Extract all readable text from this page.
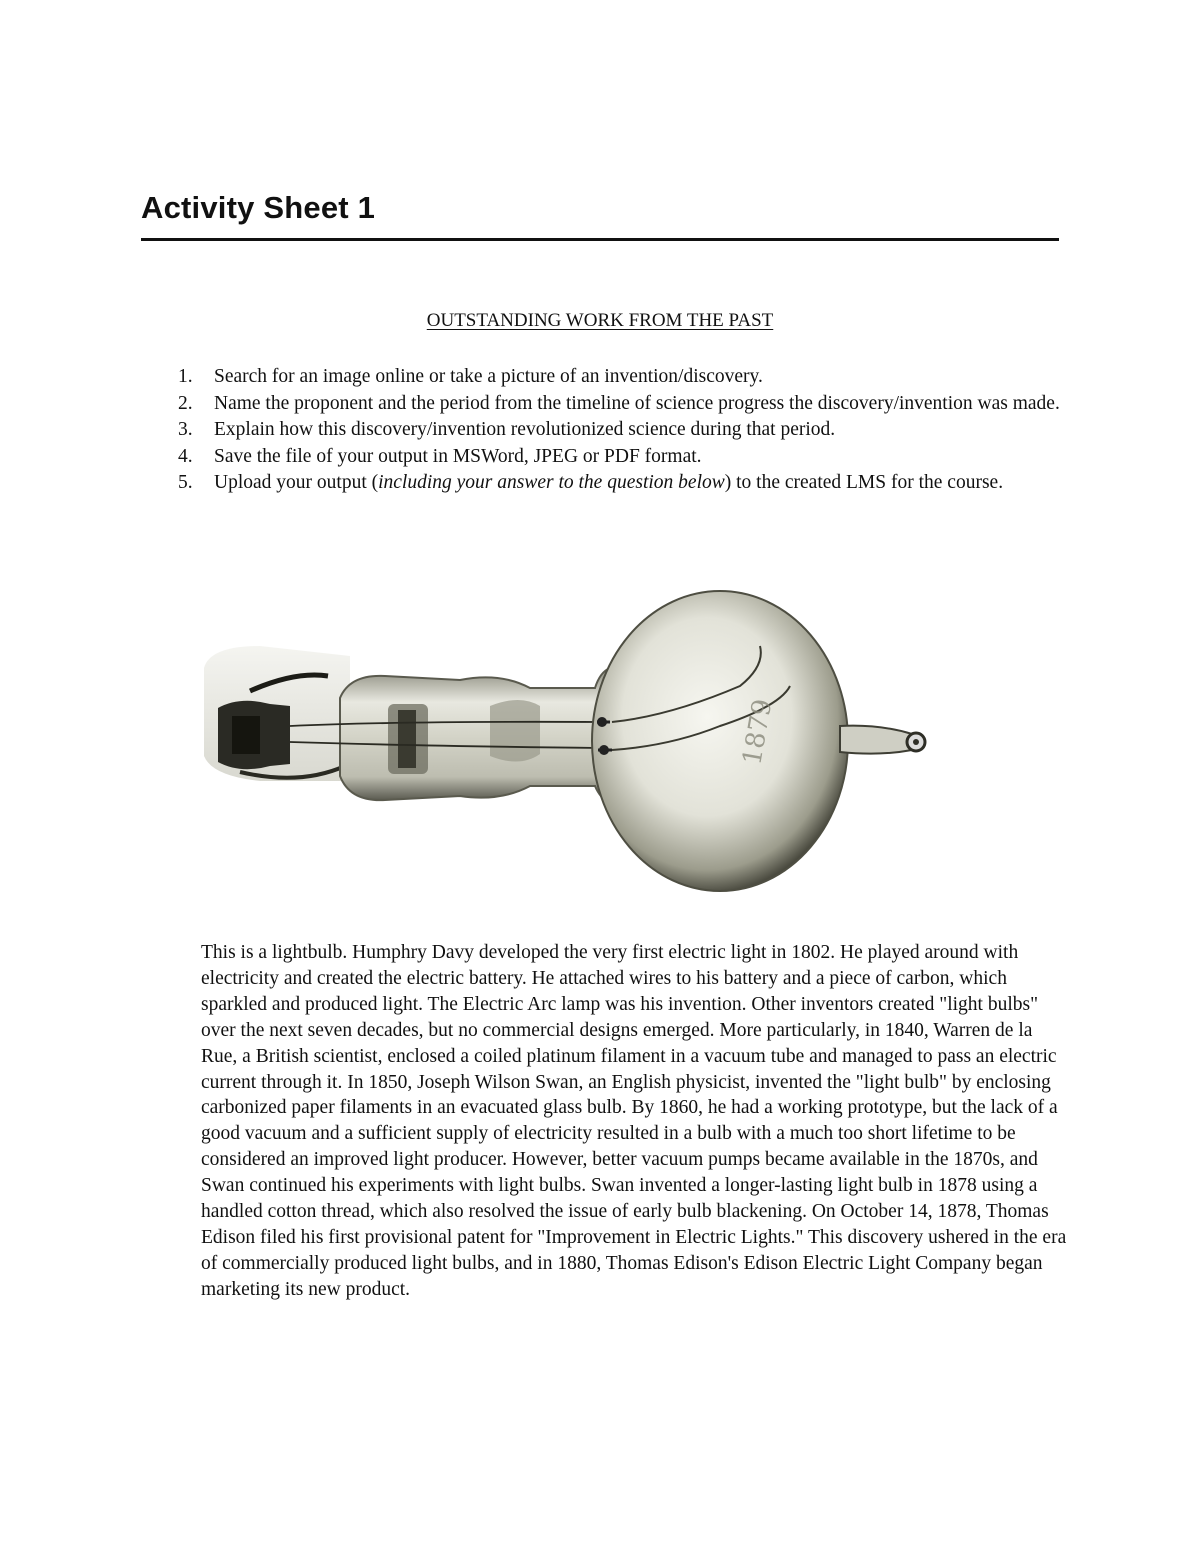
Activity Sheet 1
OUTSTANDING WORK FROM THE PAST
1. Search for an image online or take a picture of an invention/discovery.
2. Name the proponent and the period from the timeline of science progress the discovery/invention was made.
3. Explain how this discovery/invention revolutionized science during that period.
4. Save the file of your output in MSWord, JPEG or PDF format.
5. Upload your output (including your answer to the question below) to the created LMS for the course.
1879

This is a lightbulb. Humphry Davy developed the very first electric light in 1802. He played around with electricity and created the electric battery. He attached wires to his battery and a piece of carbon, which sparkled and produced light. The Electric Arc lamp was his invention. Other inventors created "light bulbs" over the next seven decades, but no commercial designs emerged. More particularly, in 1840, Warren de la Rue, a British scientist, enclosed a coiled platinum filament in a vacuum tube and managed to pass an electric current through it. In 1850, Joseph Wilson Swan, an English physicist, invented the "light bulb" by enclosing carbonized paper filaments in an evacuated glass bulb. By 1860, he had a working prototype, but the lack of a good vacuum and a sufficient supply of electricity resulted in a bulb with a much too short lifetime to be considered an improved light producer. However, better vacuum pumps became available in the 1870s, and Swan continued his experiments with light bulbs. Swan invented a longer-lasting light bulb in 1878 using a handled cotton thread, which also resolved the issue of early bulb blackening. On October 14, 1878, Thomas Edison filed his first provisional patent for "Improvement in Electric Lights." This discovery ushered in the era of commercially produced light bulbs, and in 1880, Thomas Edison's Edison Electric Light Company began marketing its new product.
